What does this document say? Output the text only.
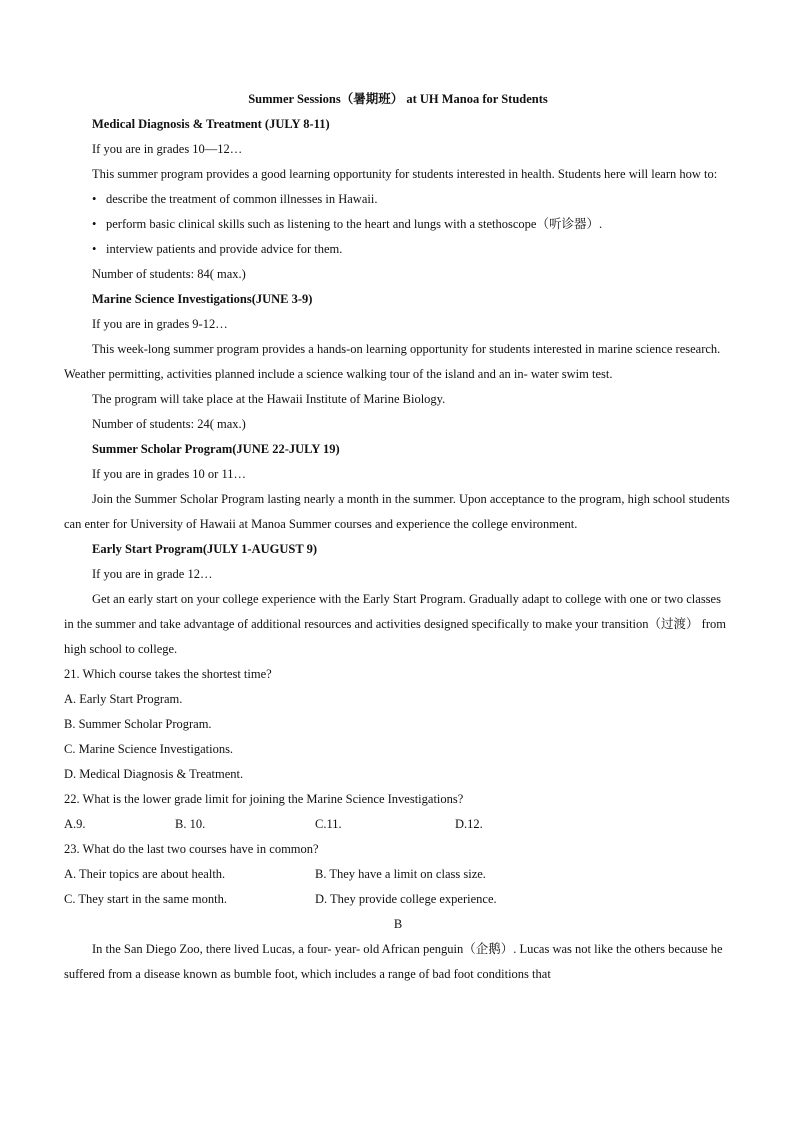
Summer Sessions（暑期班） at UH Manoa for Students
Medical Diagnosis & Treatment (JULY 8-11)
If you are in grades 10—12…
This summer program provides a good learning opportunity for students interested in health. Students here will learn how to:
• describe the treatment of common illnesses in Hawaii.
• perform basic clinical skills such as listening to the heart and lungs with a stethoscope（听诊器）.
• interview patients and provide advice for them.
Number of students: 84( max.)
Marine Science Investigations(JUNE 3-9)
If you are in grades 9-12…
This week-long summer program provides a hands-on learning opportunity for students interested in marine science research. Weather permitting, activities planned include a science walking tour of the island and an in- water swim test.
The program will take place at the Hawaii Institute of Marine Biology.
Number of students: 24( max.)
Summer Scholar Program(JUNE 22-JULY 19)
If you are in grades 10 or 11…
Join the Summer Scholar Program lasting nearly a month in the summer. Upon acceptance to the program, high school students can enter for University of Hawaii at Manoa Summer courses and experience the college environment.
Early Start Program(JULY 1-AUGUST 9)
If you are in grade 12…
Get an early start on your college experience with the Early Start Program. Gradually adapt to college with one or two classes in the summer and take advantage of additional resources and activities designed specifically to make your transition（过渡） from high school to college.
21. Which course takes the shortest time?
A. Early Start Program.
B. Summer Scholar Program.
C. Marine Science Investigations.
D. Medical Diagnosis & Treatment.
22. What is the lower grade limit for joining the Marine Science Investigations?
A.9.	B. 10.	C.11.	D.12.
23. What do the last two courses have in common?
A. Their topics are about health.	B. They have a limit on class size.
C. They start in the same month.	D. They provide college experience.
B
In the San Diego Zoo, there lived Lucas, a four- year- old African penguin（企鹅）. Lucas was not like the others because he suffered from a disease known as bumble foot, which includes a range of bad foot conditions that
